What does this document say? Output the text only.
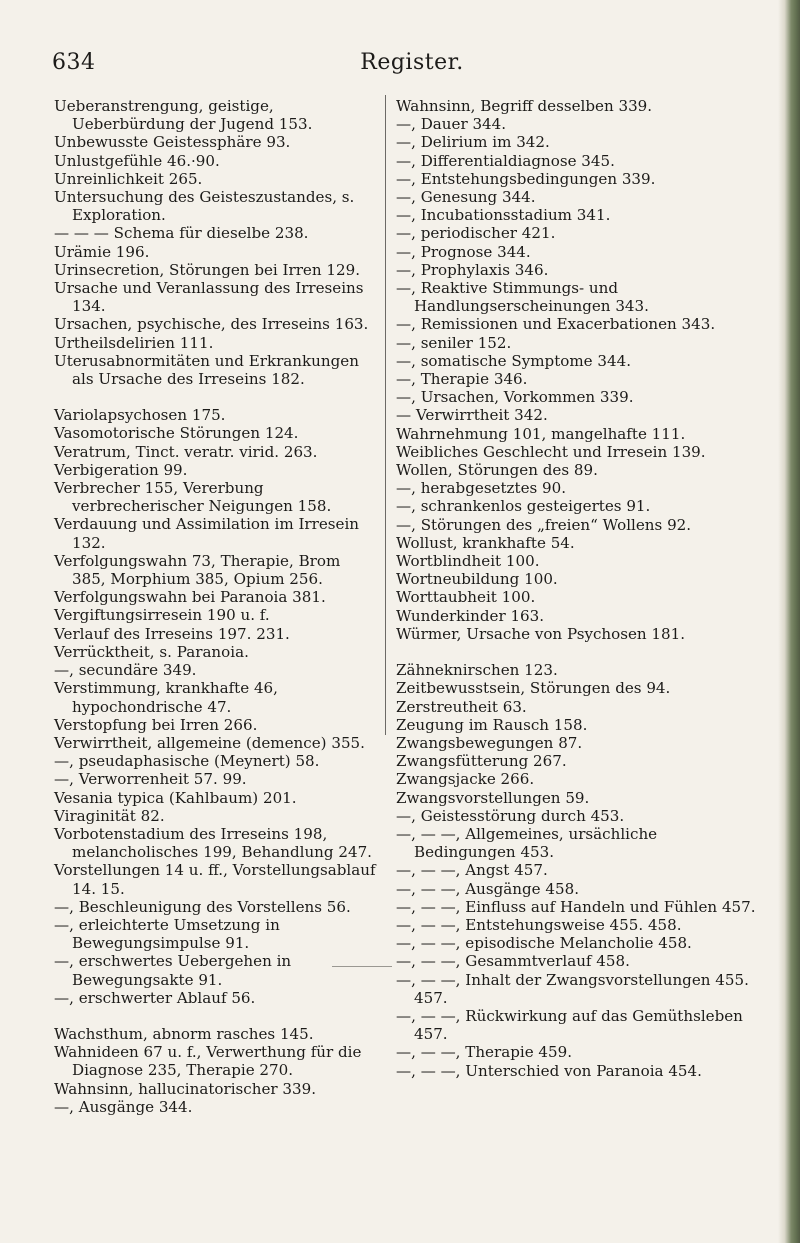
634	Register.

Ueberanstrengung, geistige, Ueberbürdung der Jugend 153.

Unbewusste Geistessphäre 93.

Unlustgefühle 46.·90.

Unreinlichkeit 265.

Untersuchung des Geisteszustandes, s. Exploration.

— — — Schema für dieselbe 238.

Urämie 196.

Urinsecretion, Störungen bei Irren 129.

Ursache und Veranlassung des Irreseins 134.

Ursachen, psychische, des Irreseins 163.

Urtheilsdelirien 111.

Uterusabnormitäten und Erkrankungen als Ursache des Irreseins 182.

Variolapsychosen 175.

Vasomotorische Störungen 124.

Veratrum, Tinct. veratr. virid. 263.

Verbigeration 99.

Verbrecher 155, Vererbung verbrecherischer Neigungen 158.

Verdauung und Assimilation im Irresein 132.

Verfolgungswahn 73, Therapie, Brom 385, Morphium 385, Opium 256.

Verfolgungswahn bei Paranoia 381.

Vergiftungsirresein 190 u. f.

Verlauf des Irreseins 197. 231.

Verrücktheit, s. Paranoia.

—, secundäre 349.

Verstimmung, krankhafte 46, hypochondrische 47.

Verstopfung bei Irren 266.

Verwirrtheit, allgemeine (demence) 355.

—, pseudaphasische (Meynert) 58.

—, Verworrenheit 57. 99.

Vesania typica (Kahlbaum) 201.

Viraginität 82.

Vorbotenstadium des Irreseins 198, melancholisches 199, Behandlung 247.

Vorstellungen 14 u. ff., Vorstellungsablauf 14. 15.

—, Beschleunigung des Vorstellens 56.

—, erleichterte Umsetzung in Bewegungsimpulse 91.

—, erschwertes Uebergehen in Bewegungsakte 91.

—, erschwerter Ablauf 56.

Wachsthum, abnorm rasches 145.

Wahnideen 67 u. f., Verwerthung für die Diagnose 235, Therapie 270.

Wahnsinn, hallucinatorischer 339.

—, Ausgänge 344.

Wahnsinn, Begriff desselben 339.

—, Dauer 344.

—, Delirium im 342.

—, Differentialdiagnose 345.

—, Entstehungsbedingungen 339.

—, Genesung 344.

—, Incubationsstadium 341.

—, periodischer 421.

—, Prognose 344.

—, Prophylaxis 346.

—, Reaktive Stimmungs- und Handlungserscheinungen 343.

—, Remissionen und Exacerbationen 343.

—, seniler 152.

—, somatische Symptome 344.

—, Therapie 346.

—, Ursachen, Vorkommen 339.

— Verwirrtheit 342.

Wahrnehmung 101, mangelhafte 111.

Weibliches Geschlecht und Irresein 139.

Wollen, Störungen des 89.

—, herabgesetztes 90.

—, schrankenlos gesteigertes 91.

—, Störungen des „freien“ Wollens 92.

Wollust, krankhafte 54.

Wortblindheit 100.

Wortneubildung 100.

Worttaubheit 100.

Wunderkinder 163.

Würmer, Ursache von Psychosen 181.

Zähneknirschen 123.

Zeitbewusstsein, Störungen des 94.

Zerstreutheit 63.

Zeugung im Rausch 158.

Zwangsbewegungen 87.

Zwangsfütterung 267.

Zwangsjacke 266.

Zwangsvorstellungen 59.

—, Geistesstörung durch 453.

—, — —, Allgemeines, ursächliche Bedingungen 453.

—, — —, Angst 457.

—, — —, Ausgänge 458.

—, — —, Einfluss auf Handeln und Fühlen 457.

—, — —, Entstehungsweise 455. 458.

—, — —, episodische Melancholie 458.

—, — —, Gesammtverlauf 458.

—, — —, Inhalt der Zwangsvorstellungen 455. 457.

—, — —, Rückwirkung auf das Gemüthsleben 457.

—, — —, Therapie 459.

—, — —, Unterschied von Paranoia 454.
